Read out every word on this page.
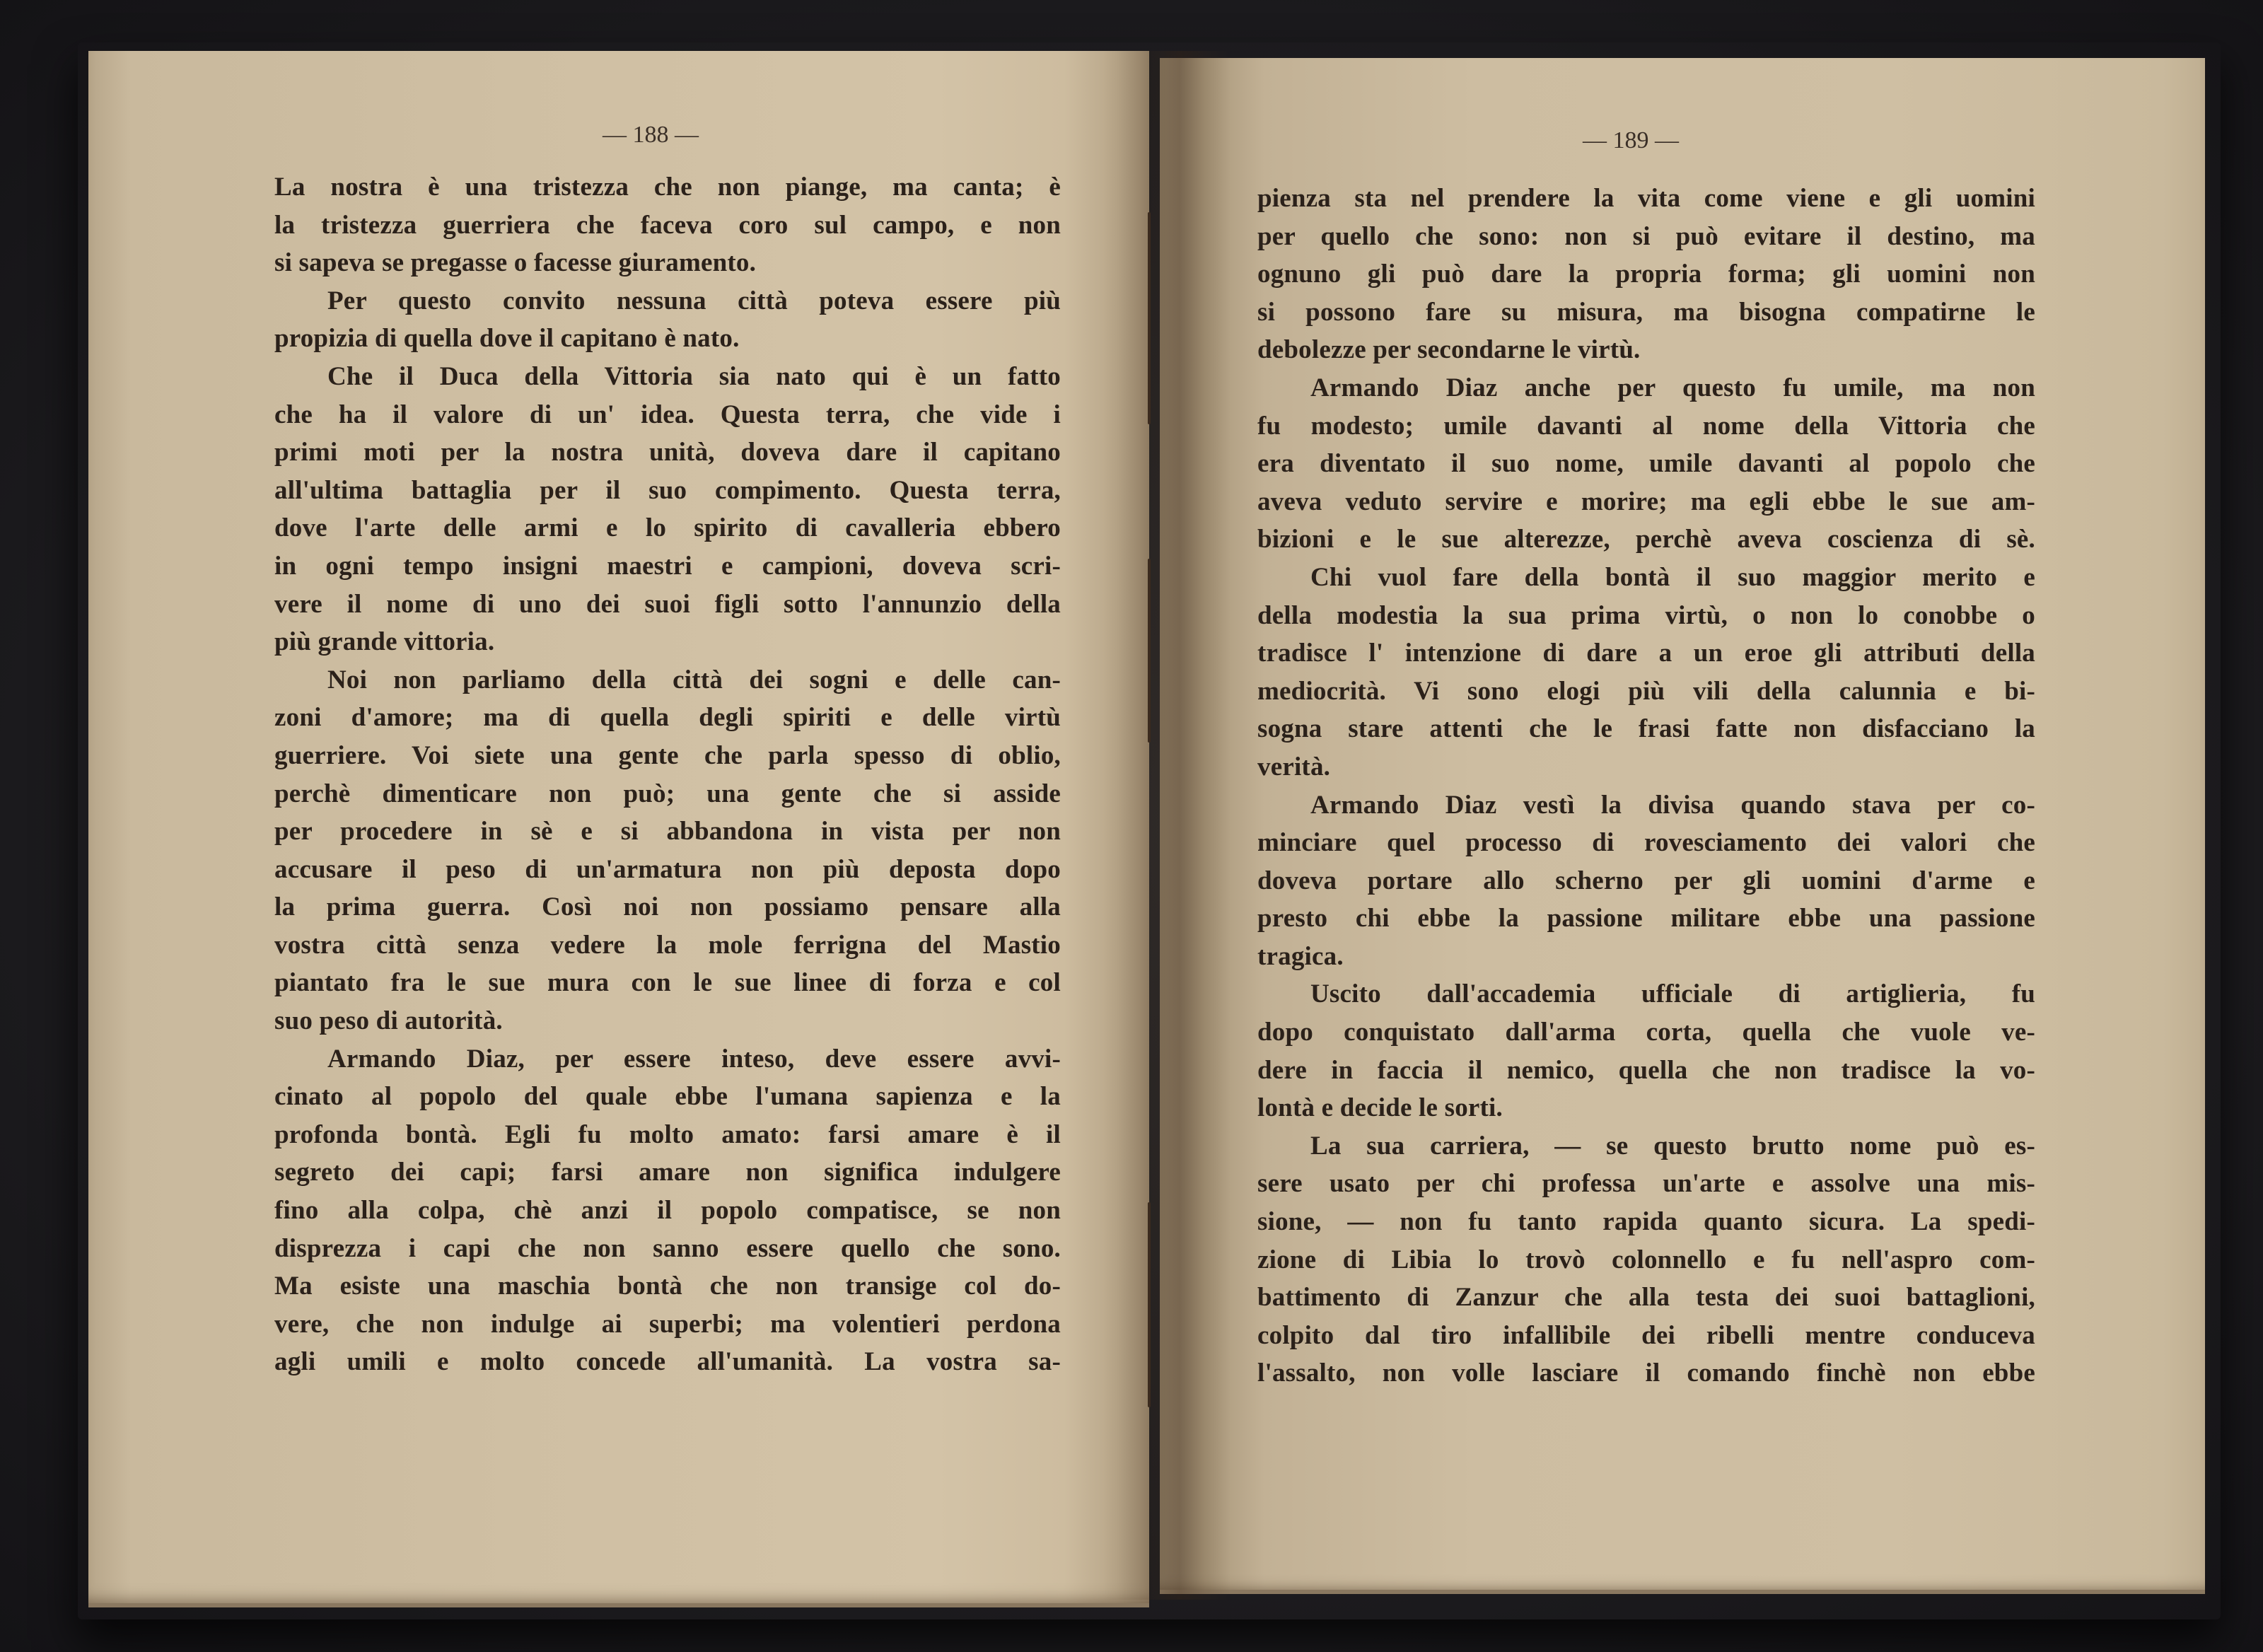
— 188 —	— 189 —
La nostra è una tristezza che non piange, ma canta; è
la tristezza guerriera che faceva coro sul campo, e non
si sapeva se pregasse o facesse giuramento.
Per questo convito nessuna città poteva essere più
propizia di quella dove il capitano è nato.
Che il Duca della Vittoria sia nato qui è un fatto
che ha il valore di un' idea. Questa terra, che vide i
primi moti per la nostra unità, doveva dare il capitano
all'ultima battaglia per il suo compimento. Questa terra,
dove l'arte delle armi e lo spirito di cavalleria ebbero
in ogni tempo insigni maestri e campioni, doveva scri-
vere il nome di uno dei suoi figli sotto l'annunzio della
più grande vittoria.
Noi non parliamo della città dei sogni e delle can-
zoni d'amore; ma di quella degli spiriti e delle virtù
guerriere. Voi siete una gente che parla spesso di oblio,
perchè dimenticare non può; una gente che si asside
per procedere in sè e si abbandona in vista per non
accusare il peso di un'armatura non più deposta dopo
la prima guerra. Così noi non possiamo pensare alla
vostra città senza vedere la mole ferrigna del Mastio
piantato fra le sue mura con le sue linee di forza e col
suo peso di autorità.
Armando Diaz, per essere inteso, deve essere avvi-
cinato al popolo del quale ebbe l'umana sapienza e la
profonda bontà. Egli fu molto amato: farsi amare è il
segreto dei capi; farsi amare non significa indulgere
fino alla colpa, chè anzi il popolo compatisce, se non
disprezza i capi che non sanno essere quello che sono.
Ma esiste una maschia bontà che non transige col do-
vere, che non indulge ai superbi; ma volentieri perdona
agli umili e molto concede all'umanità. La vostra sa-
pienza sta nel prendere la vita come viene e gli uomini
per quello che sono: non si può evitare il destino, ma
ognuno gli può dare la propria forma; gli uomini non
si possono fare su misura, ma bisogna compatirne le
debolezze per secondarne le virtù.
Armando Diaz anche per questo fu umile, ma non
fu modesto; umile davanti al nome della Vittoria che
era diventato il suo nome, umile davanti al popolo che
aveva veduto servire e morire; ma egli ebbe le sue am-
bizioni e le sue alterezze, perchè aveva coscienza di sè.
Chi vuol fare della bontà il suo maggior merito e
della modestia la sua prima virtù, o non lo conobbe o
tradisce l' intenzione di dare a un eroe gli attributi della
mediocrità. Vi sono elogi più vili della calunnia e bi-
sogna stare attenti che le frasi fatte non disfacciano la
verità.
Armando Diaz vestì la divisa quando stava per co-
minciare quel processo di rovesciamento dei valori che
doveva portare allo scherno per gli uomini d'arme e
presto chi ebbe la passione militare ebbe una passione
tragica.
Uscito dall'accademia ufficiale di artiglieria, fu
dopo conquistato dall'arma corta, quella che vuole ve-
dere in faccia il nemico, quella che non tradisce la vo-
lontà e decide le sorti.
La sua carriera, — se questo brutto nome può es-
sere usato per chi professa un'arte e assolve una mis-
sione, — non fu tanto rapida quanto sicura. La spedi-
zione di Libia lo trovò colonnello e fu nell'aspro com-
battimento di Zanzur che alla testa dei suoi battaglioni,
colpito dal tiro infallibile dei ribelli mentre conduceva
l'assalto, non volle lasciare il comando finchè non ebbe
